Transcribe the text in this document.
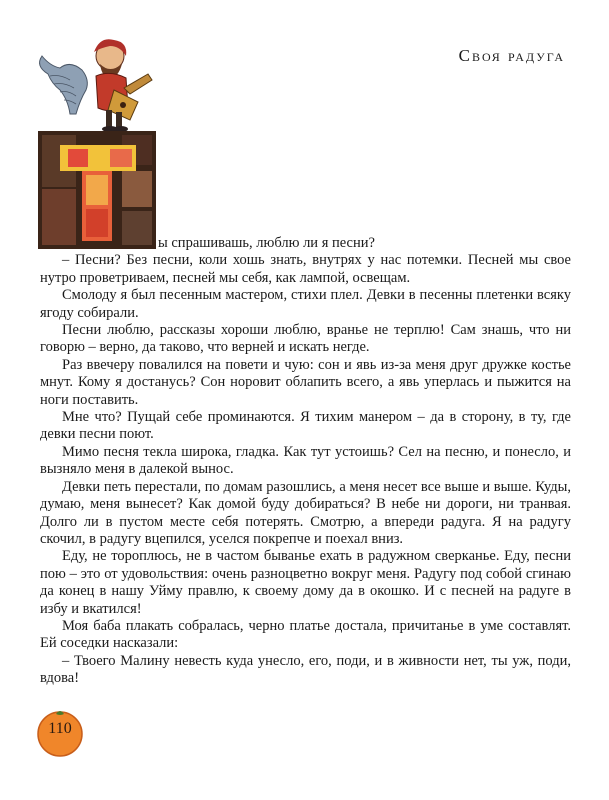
Своя радуга

ы спрашивашь, люблю ли я песни?

– Песни? Без песни, коли хошь знать, внутрях у нас потемки. Песней мы свое нутро проветриваем, песней мы себя, как лампой, освещам.

Смолоду я был песенным мастером, стихи плел. Девки в песенны плетенки всяку ягоду собирали.

Песни люблю, рассказы хороши люблю, вранье не терплю! Сам знашь, что ни говорю – верно, да таково, что верней и искать негде.

Раз ввечеру повалился на повети и чую: сон и явь из-за меня друг дружке костье мнут. Кому я достанусь? Сон норовит облапить всего, а явь уперлась и пыжится на ноги поставить.

Мне что? Пущай себе проминаются. Я тихим манером – да в сторону, в ту, где девки песни поют.

Мимо песня текла широка, гладка. Как тут устоишь? Сел на песню, и понесло, и вызняло меня в далекой вынос.

Девки петь перестали, по домам разошлись, а меня несет все выше и выше. Куды, думаю, меня вынесет? Как домой буду добираться? В небе ни дороги, ни транвая. Долго ли в пустом месте себя потерять. Смотрю, а впереди радуга. Я на радугу скочил, в радугу вцепился, уселся покрепче и поехал вниз.

Еду, не тороплюсь, не в частом бываньe ехать в радужном сверканье. Еду, песни пою – это от удовольствия: очень разноцветно вокруг меня. Радугу под собой сгинаю да конец в нашу Уйму правлю, к своему дому да в окошко. И с песней на радуге в избу и вкатился!

Моя баба плакать собралась, черно платье достала, причитанье в уме составлят. Ей соседки насказали:

– Твоего Малину невесть куда унесло, его, поди, и в живности нет, ты уж, поди, вдова!

110
